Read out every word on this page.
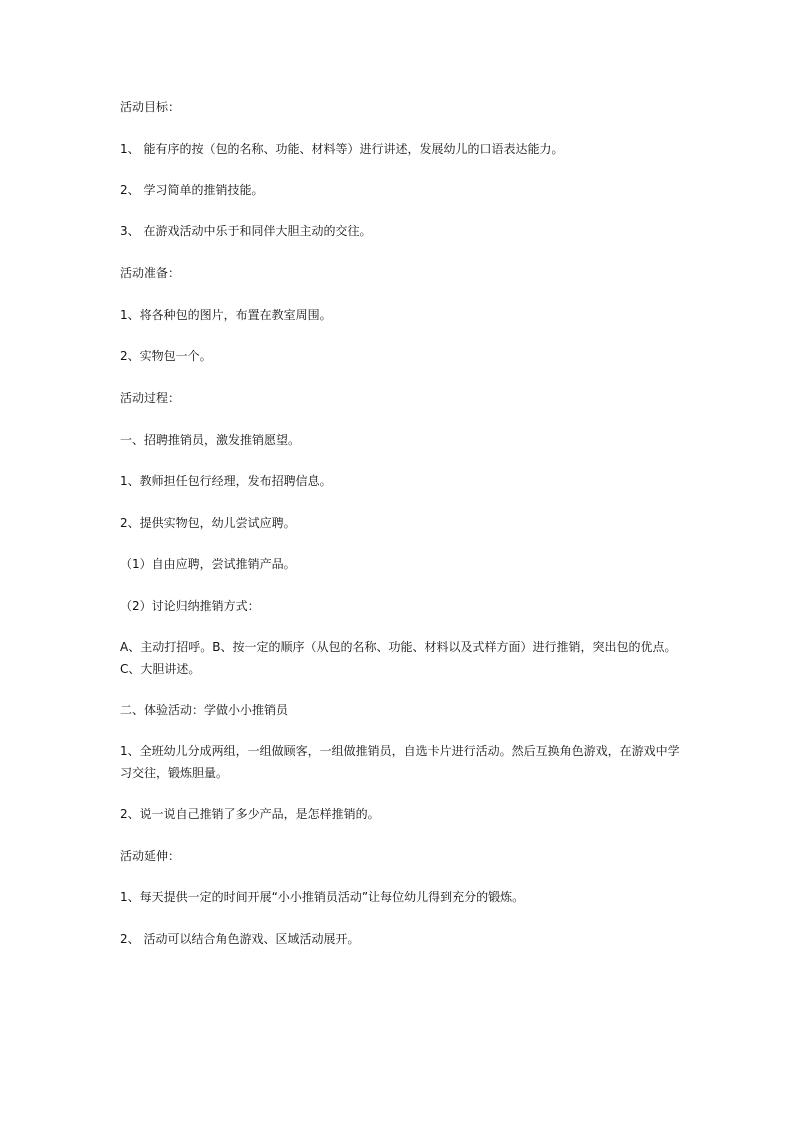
活动目标：

1、 能有序的按（包的名称、功能、材料等）进行讲述，发展幼儿的口语表达能力。

2、 学习简单的推销技能。

3、 在游戏活动中乐于和同伴大胆主动的交往。

活动准备：

1、将各种包的图片，布置在教室周围。

2、实物包一个。

活动过程：

一、招聘推销员，激发推销愿望。

1、教师担任包行经理，发布招聘信息。

2、提供实物包，幼儿尝试应聘。

（1）自由应聘，尝试推销产品。

（2）讨论归纳推销方式：

A、主动打招呼。B、按一定的顺序（从包的名称、功能、材料以及式样方面）进行推销，突出包的优点。C、大胆讲述。

二、体验活动：学做小小推销员

1、全班幼儿分成两组，一组做顾客，一组做推销员，自选卡片进行活动。然后互换角色游戏，在游戏中学习交往，锻炼胆量。

2、说一说自己推销了多少产品，是怎样推销的。

活动延伸：

1、每天提供一定的时间开展“小小推销员活动”让每位幼儿得到充分的锻炼。

2、 活动可以结合角色游戏、区域活动展开。
